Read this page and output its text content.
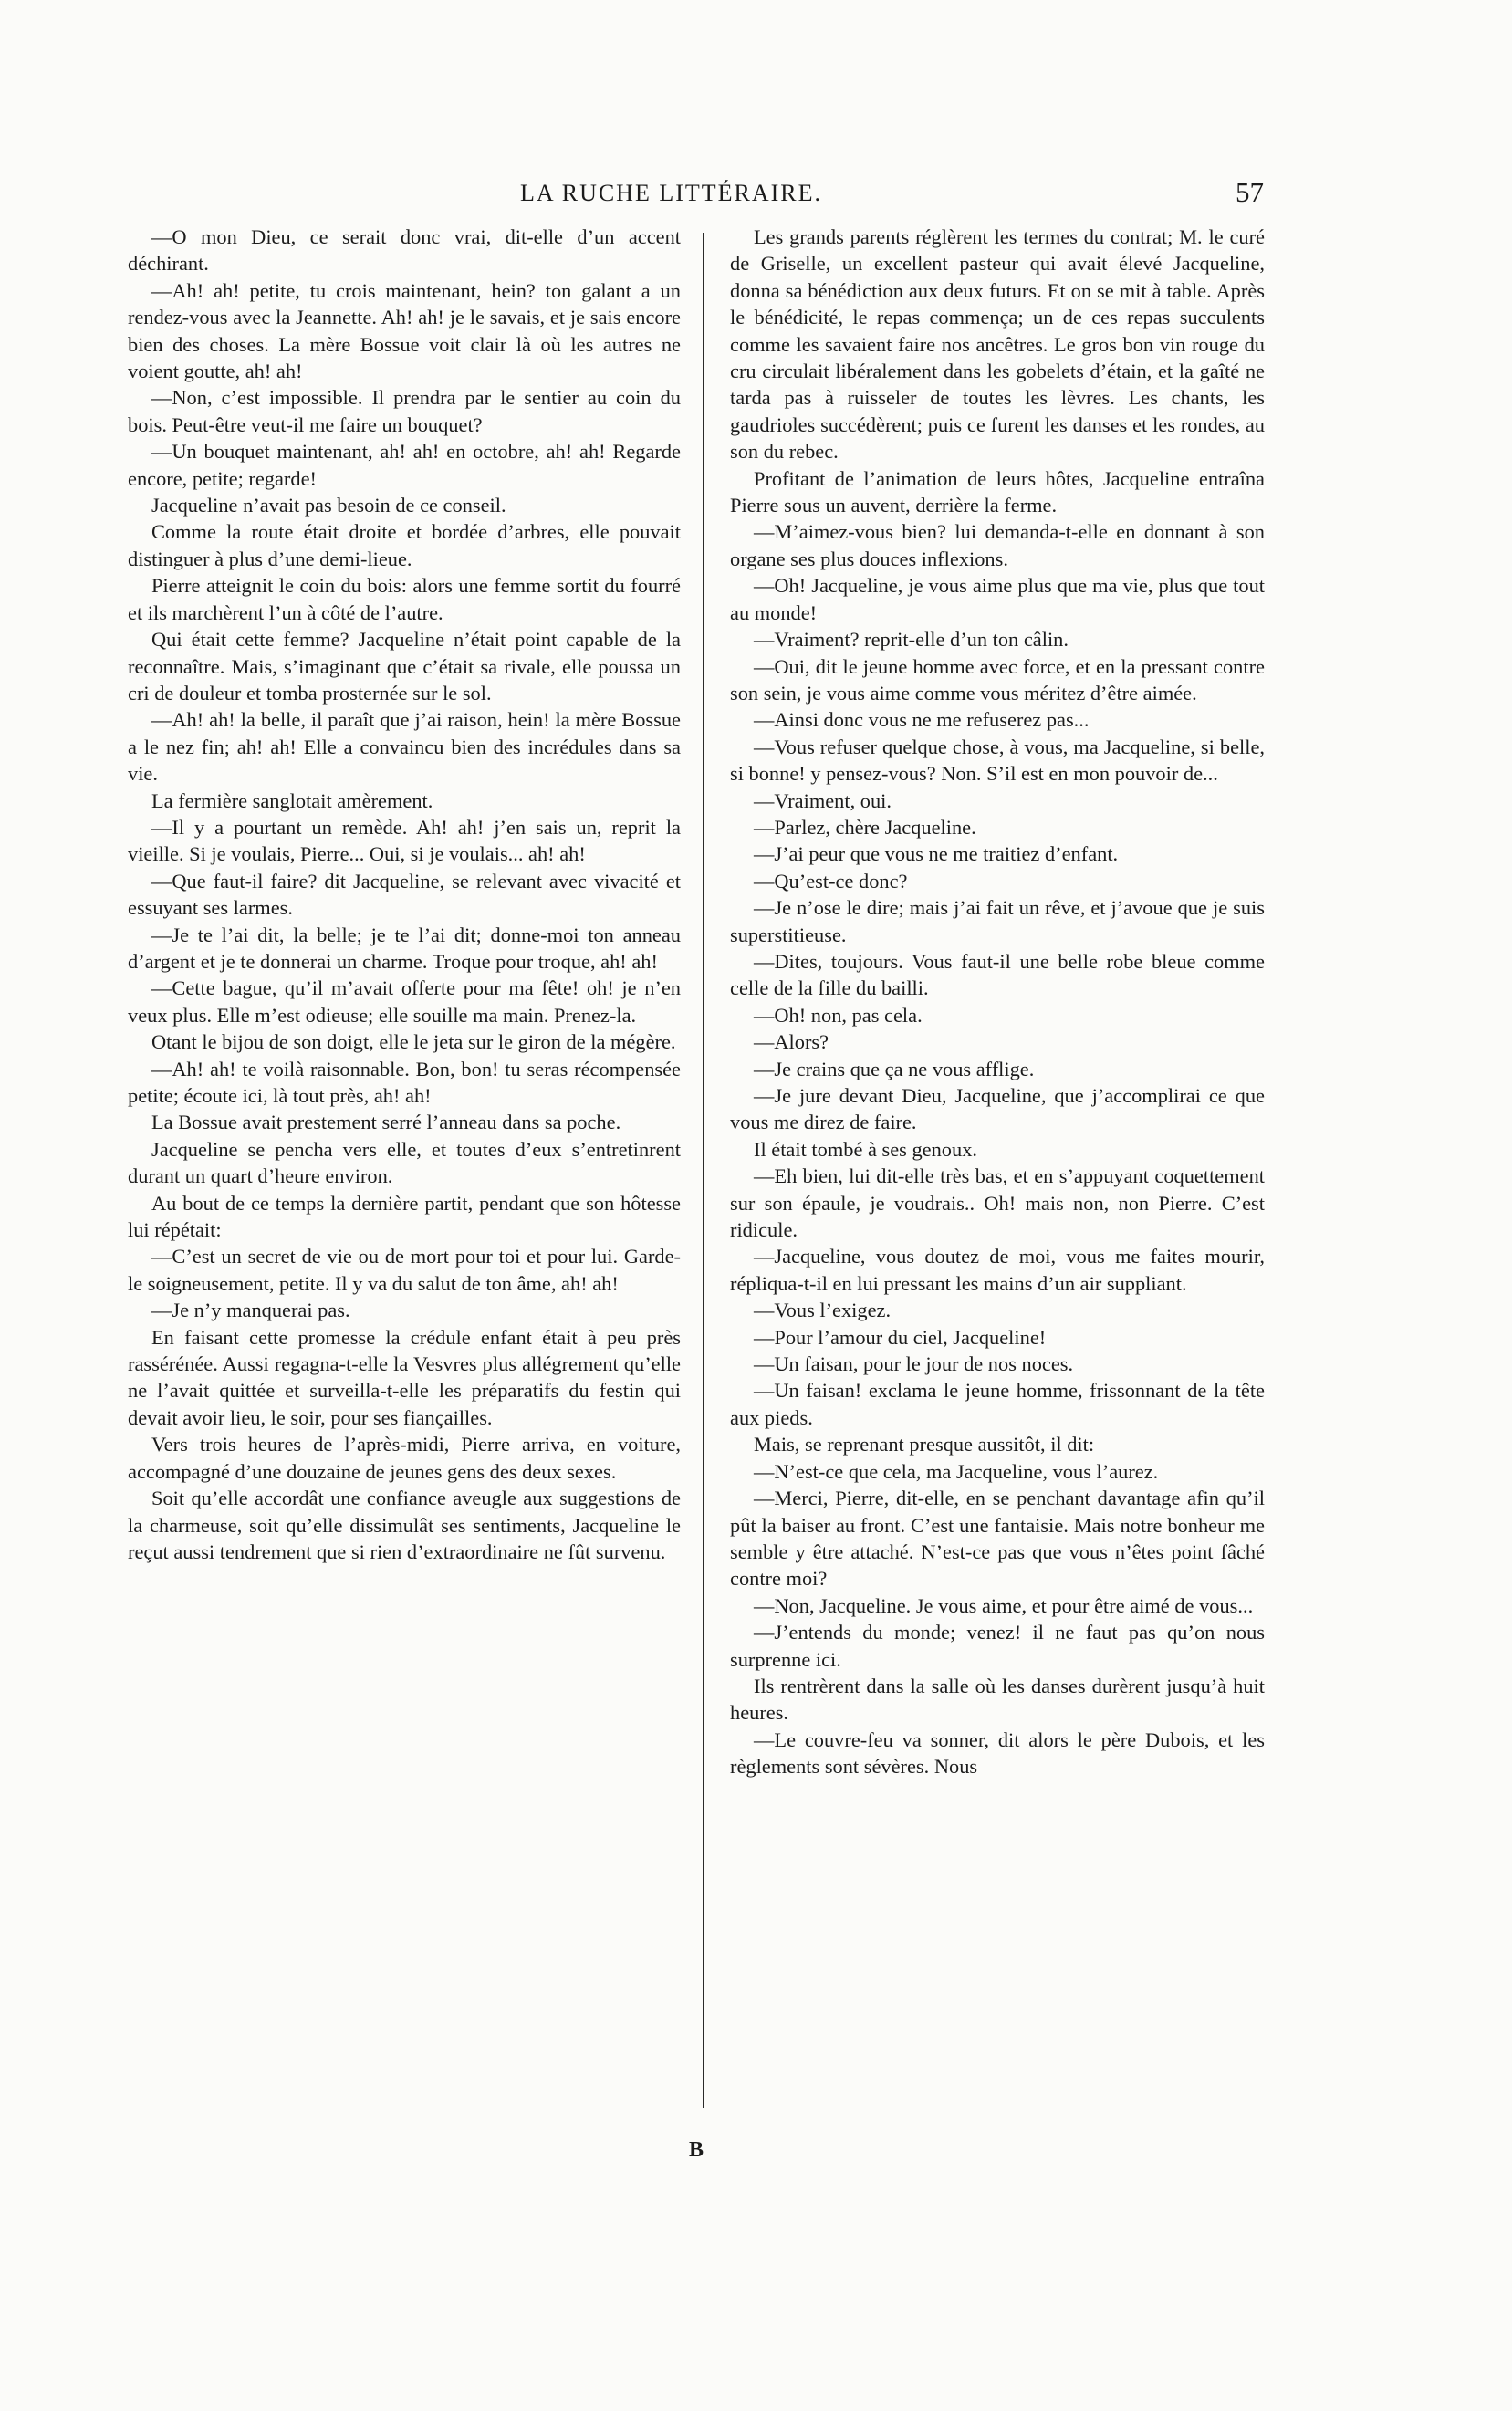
LA RUCHE LITTÉRAIRE.	57

—O mon Dieu, ce serait donc vrai, dit-elle d’un accent déchirant.

—Ah! ah! petite, tu crois maintenant, hein? ton galant a un rendez-vous avec la Jeannette. Ah! ah! je le savais, et je sais encore bien des choses. La mère Bossue voit clair là où les autres ne voient goutte, ah! ah!

—Non, c’est impossible. Il prendra par le sentier au coin du bois. Peut-être veut-il me faire un bouquet?

—Un bouquet maintenant, ah! ah! en octobre, ah! ah! Regarde encore, petite; regarde!

Jacqueline n’avait pas besoin de ce conseil.

Comme la route était droite et bordée d’arbres, elle pouvait distinguer à plus d’une demi-lieue.

Pierre atteignit le coin du bois: alors une femme sortit du fourré et ils marchèrent l’un à côté de l’autre.

Qui était cette femme? Jacqueline n’était point capable de la reconnaître. Mais, s’imaginant que c’était sa rivale, elle poussa un cri de douleur et tomba prosternée sur le sol.

—Ah! ah! la belle, il paraît que j’ai raison, hein! la mère Bossue a le nez fin; ah! ah! Elle a convaincu bien des incrédules dans sa vie.

La fermière sanglotait amèrement.

—Il y a pourtant un remède. Ah! ah! j’en sais un, reprit la vieille. Si je voulais, Pierre... Oui, si je voulais... ah! ah!

—Que faut-il faire? dit Jacqueline, se relevant avec vivacité et essuyant ses larmes.

—Je te l’ai dit, la belle; je te l’ai dit; donne-moi ton anneau d’argent et je te donnerai un charme. Troque pour troque, ah! ah!

—Cette bague, qu’il m’avait offerte pour ma fête! oh! je n’en veux plus. Elle m’est odieuse; elle souille ma main. Prenez-la.

Otant le bijou de son doigt, elle le jeta sur le giron de la mégère.

—Ah! ah! te voilà raisonnable. Bon, bon! tu seras récompensée petite; écoute ici, là tout près, ah! ah!

La Bossue avait prestement serré l’anneau dans sa poche.

Jacqueline se pencha vers elle, et toutes d’eux s’entretinrent durant un quart d’heure environ.

Au bout de ce temps la dernière partit, pendant que son hôtesse lui répétait:

—C’est un secret de vie ou de mort pour toi et pour lui. Garde-le soigneusement, petite. Il y va du salut de ton âme, ah! ah!

—Je n’y manquerai pas.

En faisant cette promesse la crédule enfant était à peu près rassérénée. Aussi regagna-t-elle la Vesvres plus allégrement qu’elle ne l’avait quittée et surveilla-t-elle les préparatifs du festin qui devait avoir lieu, le soir, pour ses fiançailles.

Vers trois heures de l’après-midi, Pierre arriva, en voiture, accompagné d’une douzaine de jeunes gens des deux sexes.

Soit qu’elle accordât une confiance aveugle aux suggestions de la charmeuse, soit qu’elle dissimulât ses sentiments, Jacqueline le reçut aussi tendrement que si rien d’extraordinaire ne fût survenu.

Les grands parents réglèrent les termes du contrat; M. le curé de Griselle, un excellent pasteur qui avait élevé Jacqueline, donna sa bénédiction aux deux futurs. Et on se mit à table. Après le bénédicité, le repas commença; un de ces repas succulents comme les savaient faire nos ancêtres. Le gros bon vin rouge du cru circulait libéralement dans les gobelets d’étain, et la gaîté ne tarda pas à ruisseler de toutes les lèvres. Les chants, les gaudrioles succédèrent; puis ce furent les danses et les rondes, au son du rebec.

Profitant de l’animation de leurs hôtes, Jacqueline entraîna Pierre sous un auvent, derrière la ferme.

—M’aimez-vous bien? lui demanda-t-elle en donnant à son organe ses plus douces inflexions.

—Oh! Jacqueline, je vous aime plus que ma vie, plus que tout au monde!

—Vraiment? reprit-elle d’un ton câlin.

—Oui, dit le jeune homme avec force, et en la pressant contre son sein, je vous aime comme vous méritez d’être aimée.

—Ainsi donc vous ne me refuserez pas...

—Vous refuser quelque chose, à vous, ma Jacqueline, si belle, si bonne! y pensez-vous? Non. S’il est en mon pouvoir de...

—Vraiment, oui.

—Parlez, chère Jacqueline.

—J’ai peur que vous ne me traitiez d’enfant.

—Qu’est-ce donc?

—Je n’ose le dire; mais j’ai fait un rêve, et j’avoue que je suis superstitieuse.

—Dites, toujours. Vous faut-il une belle robe bleue comme celle de la fille du bailli.

—Oh! non, pas cela.

—Alors?

—Je crains que ça ne vous afflige.

—Je jure devant Dieu, Jacqueline, que j’accomplirai ce que vous me direz de faire.

Il était tombé à ses genoux.

—Eh bien, lui dit-elle très bas, et en s’appuyant coquettement sur son épaule, je voudrais.. Oh! mais non, non Pierre. C’est ridicule.

—Jacqueline, vous doutez de moi, vous me faites mourir, répliqua-t-il en lui pressant les mains d’un air suppliant.

—Vous l’exigez.

—Pour l’amour du ciel, Jacqueline!

—Un faisan, pour le jour de nos noces.

—Un faisan! exclama le jeune homme, frissonnant de la tête aux pieds.

Mais, se reprenant presque aussitôt, il dit:

—N’est-ce que cela, ma Jacqueline, vous l’aurez.

—Merci, Pierre, dit-elle, en se penchant davantage afin qu’il pût la baiser au front. C’est une fantaisie. Mais notre bonheur me semble y être attaché. N’est-ce pas que vous n’êtes point fâché contre moi?

—Non, Jacqueline. Je vous aime, et pour être aimé de vous...

—J’entends du monde; venez! il ne faut pas qu’on nous surprenne ici.

Ils rentrèrent dans la salle où les danses durèrent jusqu’à huit heures.

—Le couvre-feu va sonner, dit alors le père Dubois, et les règlements sont sévères. Nous

B
